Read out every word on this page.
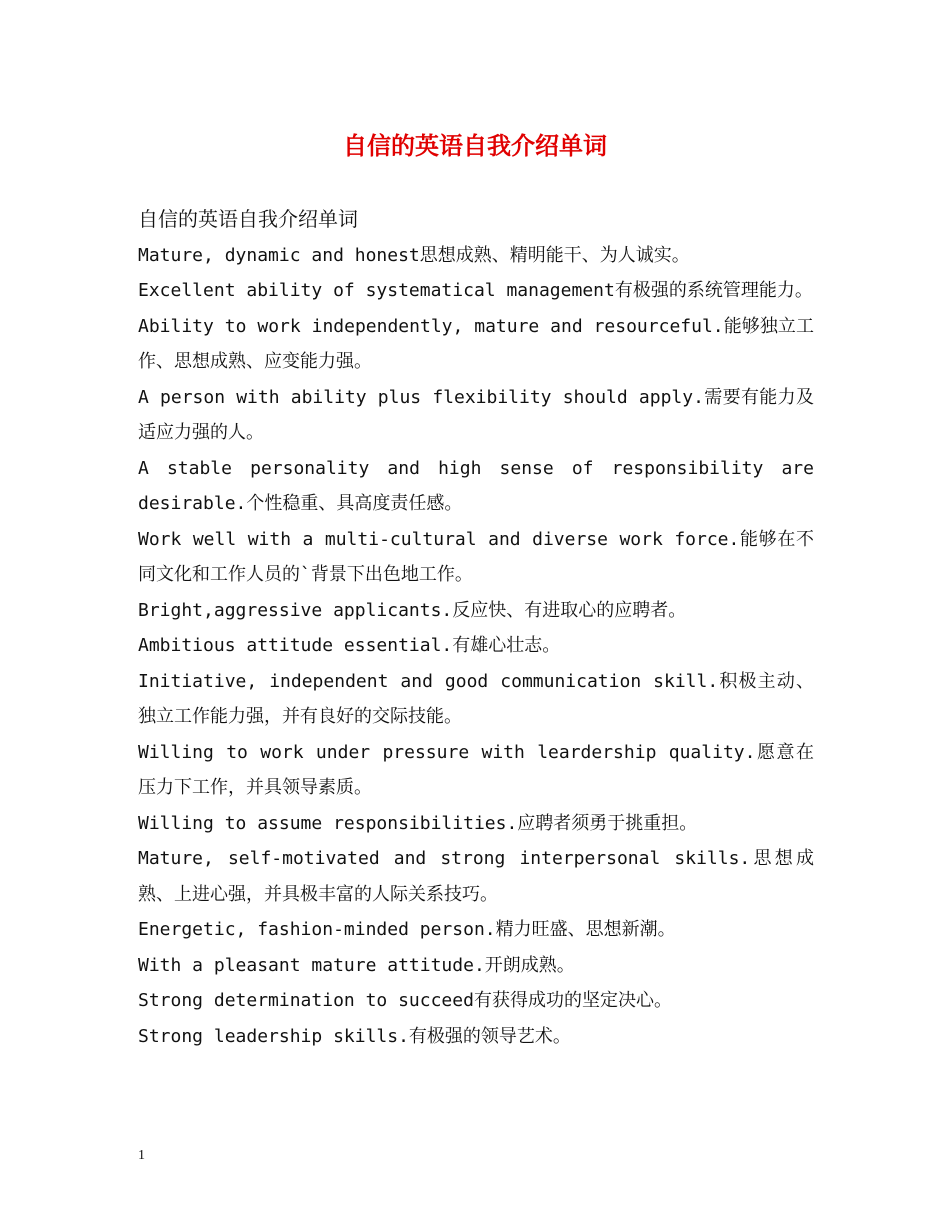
自信的英语自我介绍单词

自信的英语自我介绍单词

Mature, dynamic and honest思想成熟、精明能干、为人诚实。

Excellent ability of systematical management有极强的系统管理能力。

Ability to work independently, mature and resourceful.能够独立工作、思想成熟、应变能力强。

A person with ability plus flexibility should apply.需要有能力及适应力强的人。

A stable personality and high sense of responsibility are desirable.个性稳重、具高度责任感。

Work well with a multi-cultural and diverse work force.能够在不同文化和工作人员的`背景下出色地工作。

Bright,aggressive applicants.反应快、有进取心的应聘者。

Ambitious attitude essential.有雄心壮志。

Initiative, independent and good communication skill.积极主动、独立工作能力强，并有良好的交际技能。

Willing to work under pressure with leardership quality.愿意在压力下工作，并具领导素质。

Willing to assume responsibilities.应聘者须勇于挑重担。

Mature, self-motivated and strong interpersonal skills.思想成熟、上进心强，并具极丰富的人际关系技巧。

Energetic, fashion-minded person.精力旺盛、思想新潮。

With a pleasant mature attitude.开朗成熟。

Strong determination to succeed有获得成功的坚定决心。

Strong leadership skills.有极强的领导艺术。

1
